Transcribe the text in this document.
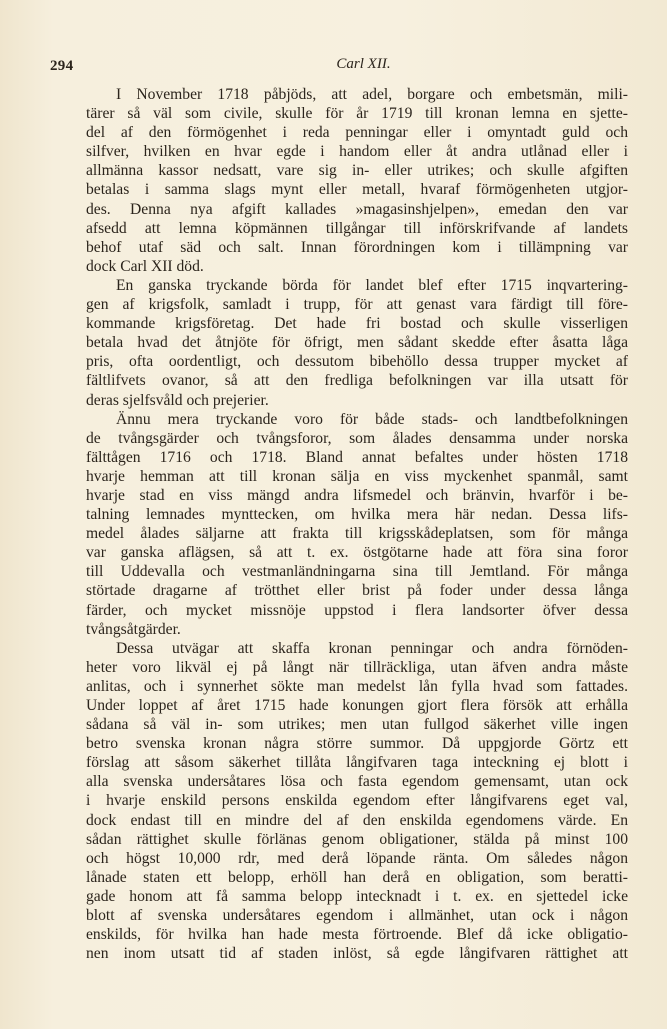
294	Carl XII.
I November 1718 påbjöds, att adel, borgare och embetsmän, mili-
tärer så väl som civile, skulle för år 1719 till kronan lemna en sjette-
del af den förmögenhet i reda penningar eller i omyntadt guld och
silfver, hvilken en hvar egde i handom eller åt andra utlånad eller i
allmänna kassor nedsatt, vare sig in- eller utrikes; och skulle afgiften
betalas i samma slags mynt eller metall, hvaraf förmögenheten utgjor-
des. Denna nya afgift kallades »magasinshjelpen», emedan den var
afsedd att lemna köpmännen tillgångar till införskrifvande af landets
behof utaf säd och salt. Innan förordningen kom i tillämpning var
dock Carl XII död.
En ganska tryckande börda för landet blef efter 1715 inqvartering-
gen af krigsfolk, samladt i trupp, för att genast vara färdigt till före-
kommande krigsföretag. Det hade fri bostad och skulle visserligen
betala hvad det åtnjöte för öfrigt, men sådant skedde efter åsatta låga
pris, ofta oordentligt, och dessutom bibehöllo dessa trupper mycket af
fältlifvets ovanor, så att den fredliga befolkningen var illa utsatt för
deras sjelfsvåld och prejerier.
Ännu mera tryckande voro för både stads- och landtbefolkningen
de tvångsgärder och tvångsforor, som ålades densamma under norska
fälttågen 1716 och 1718. Bland annat befaltes under hösten 1718
hvarje hemman att till kronan sälja en viss myckenhet spanmål, samt
hvarje stad en viss mängd andra lifsmedel och bränvin, hvarför i be-
talning lemnades mynttecken, om hvilka mera här nedan. Dessa lifs-
medel ålades säljarne att frakta till krigsskådeplatsen, som för många
var ganska aflägsen, så att t. ex. östgötarne hade att föra sina foror
till Uddevalla och vestmanländningarna sina till Jemtland. För många
störtade dragarne af trötthet eller brist på foder under dessa långa
färder, och mycket missnöje uppstod i flera landsorter öfver dessa
tvångsåtgärder.
Dessa utvägar att skaffa kronan penningar och andra förnöden-
heter voro likväl ej på långt när tillräckliga, utan äfven andra måste
anlitas, och i synnerhet sökte man medelst lån fylla hvad som fattades.
Under loppet af året 1715 hade konungen gjort flera försök att erhålla
sådana så väl in- som utrikes; men utan fullgod säkerhet ville ingen
betro svenska kronan några större summor. Då uppgjorde Görtz ett
förslag att såsom säkerhet tillåta långifvaren taga inteckning ej blott i
alla svenska undersåtares lösa och fasta egendom gemensamt, utan ock
i hvarje enskild persons enskilda egendom efter långifvarens eget val,
dock endast till en mindre del af den enskilda egendomens värde. En
sådan rättighet skulle förlänas genom obligationer, stälda på minst 100
och högst 10,000 rdr, med derå löpande ränta. Om således någon
lånade staten ett belopp, erhöll han derå en obligation, som beratti-
gade honom att få samma belopp intecknadt i t. ex. en sjettedel icke
blott af svenska undersåtares egendom i allmänhet, utan ock i någon
enskilds, för hvilka han hade mesta förtroende. Blef då icke obligatio-
nen inom utsatt tid af staden inlöst, så egde långifvaren rättighet att
